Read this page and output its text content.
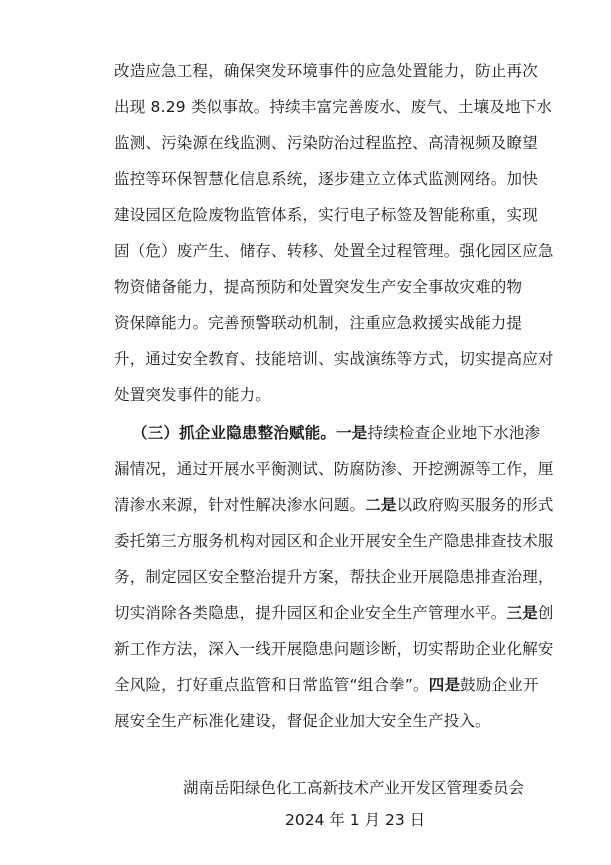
改造应急工程，确保突发环境事件的应急处置能力，防止再次
出现 8.29 类似事故。持续丰富完善废水、废气、土壤及地下水
监测、污染源在线监测、污染防治过程监控、高清视频及瞭望
监控等环保智慧化信息系统，逐步建立立体式监测网络。加快
建设园区危险废物监管体系，实行电子标签及智能称重，实现
固（危）废产生、储存、转移、处置全过程管理。强化园区应急
物资储备能力，提高预防和处置突发生产安全事故灾难的物
资保障能力。完善预警联动机制，注重应急救援实战能力提
升，通过安全教育、技能培训、实战演练等方式，切实提高应对
处置突发事件的能力。
（三）抓企业隐患整治赋能。一是持续检查企业地下水池渗
漏情况，通过开展水平衡测试、防腐防渗、开挖溯源等工作，厘
清渗水来源，针对性解决渗水问题。二是以政府购买服务的形式
委托第三方服务机构对园区和企业开展安全生产隐患排查技术服
务，制定园区安全整治提升方案，帮扶企业开展隐患排查治理，
切实消除各类隐患，提升园区和企业安全生产管理水平。三是创
新工作方法，深入一线开展隐患问题诊断，切实帮助企业化解安
全风险，打好重点监管和日常监管“组合拳”。四是鼓励企业开
展安全生产标准化建设，督促企业加大安全生产投入。
湖南岳阳绿色化工高新技术产业开发区管理委员会
2024 年 1 月 23 日
